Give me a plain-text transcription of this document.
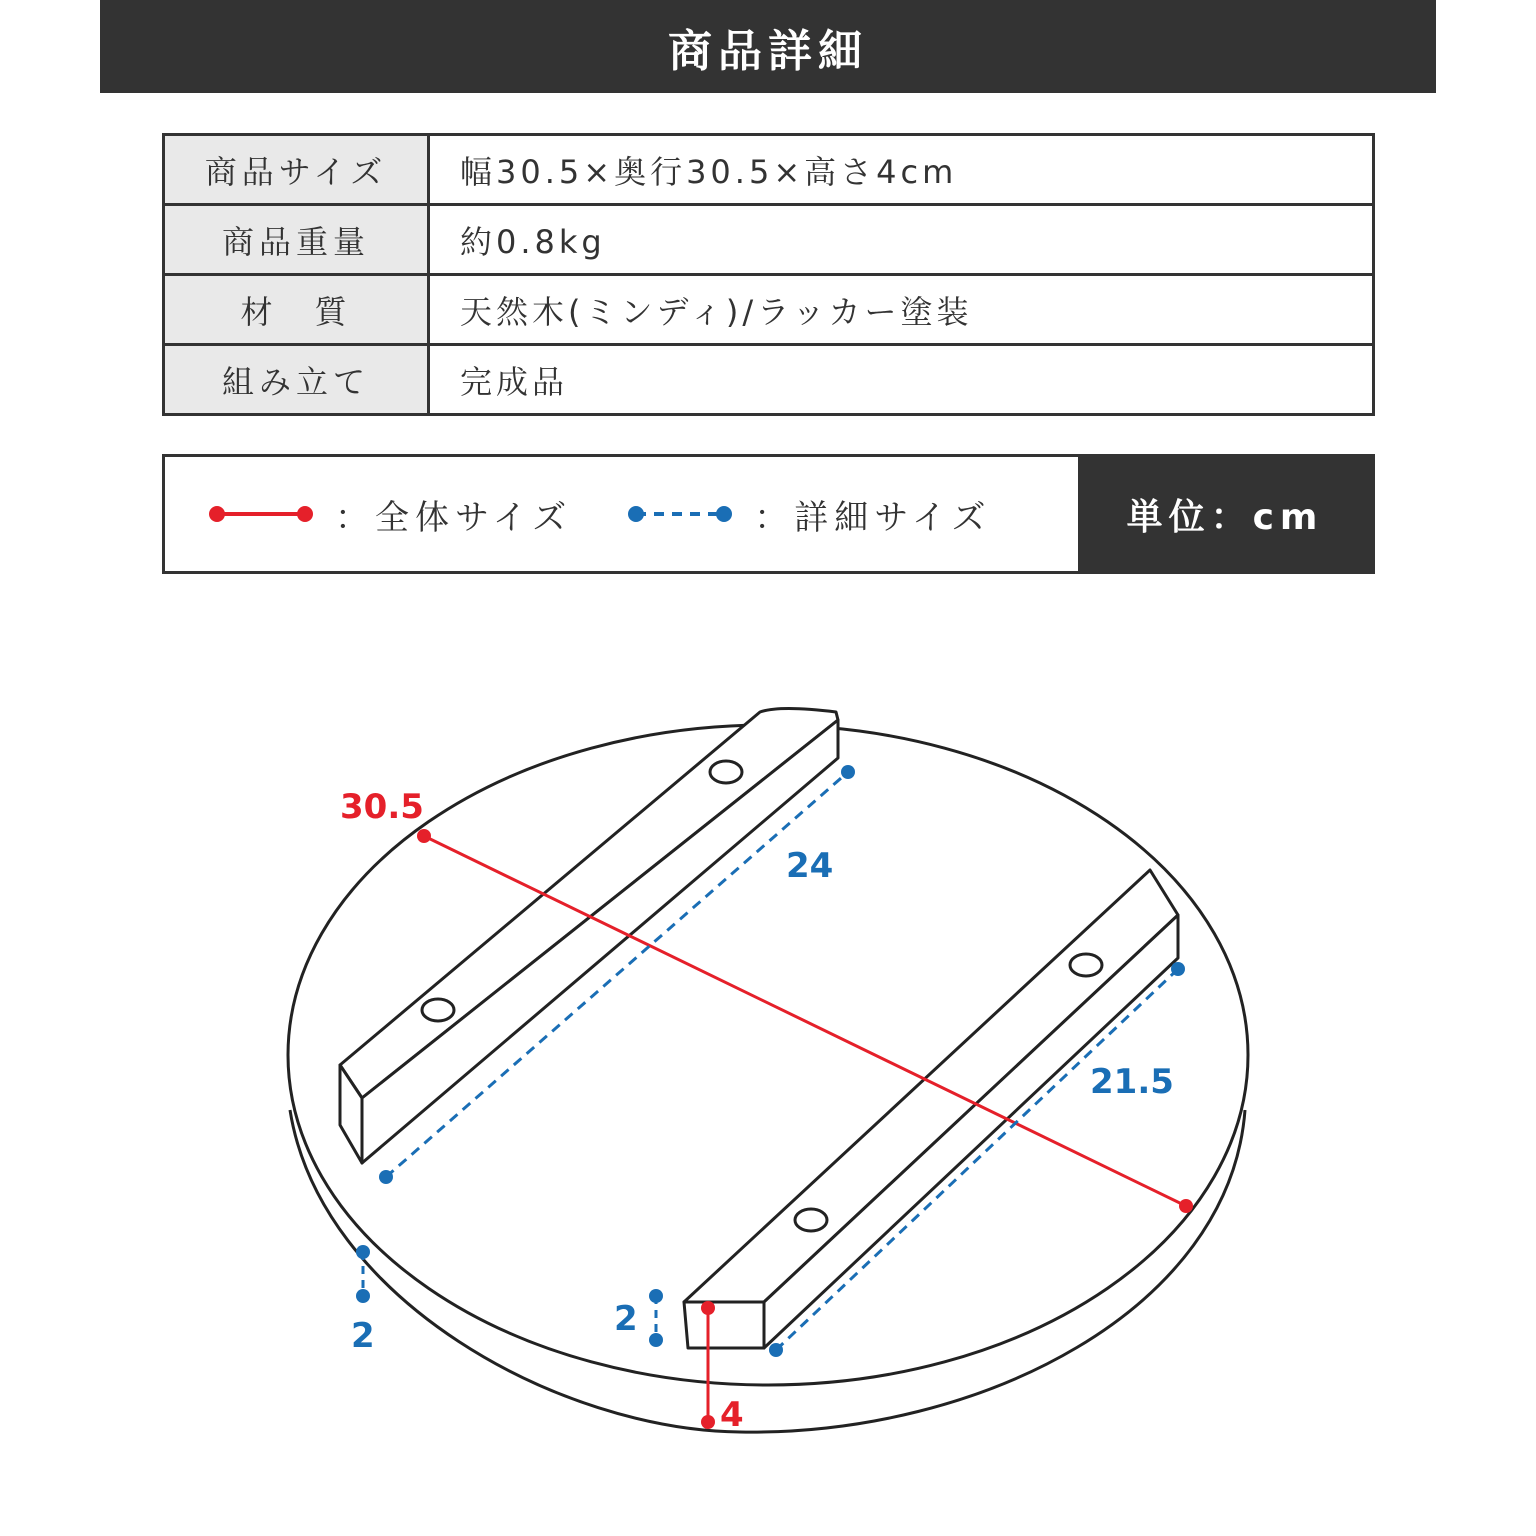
商品詳細
商品サイズ	幅30.5×奥行30.5×高さ4cm
商品重量	約0.8kg
材　質	天然木(ミンディ)/ラッカー塗装
組み立て	完成品
：全体サイズ	：詳細サイズ	単位：cm
30.5
4
24
21.5
2	2
